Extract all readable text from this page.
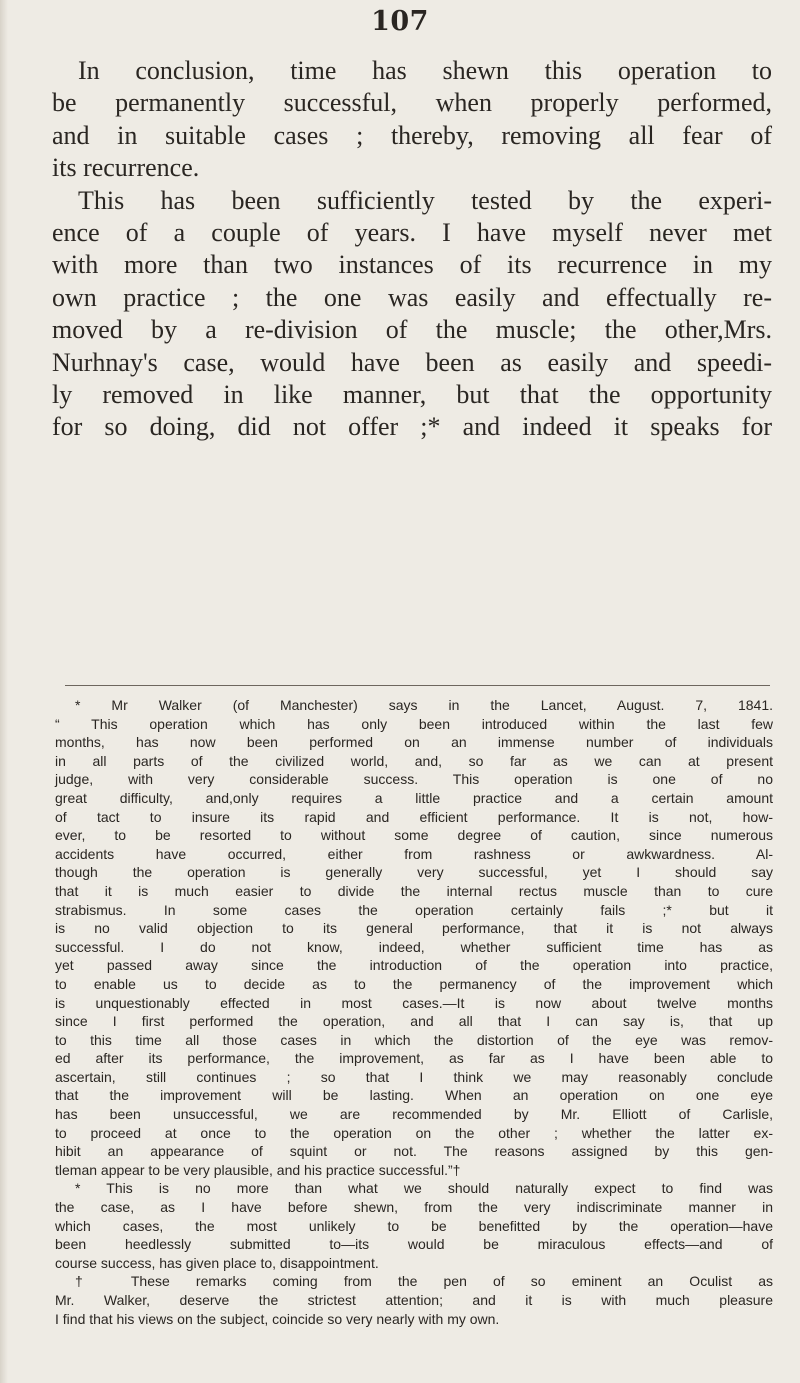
107
In conclusion, time has shewn this operation to
be permanently successful, when properly performed,
and in suitable cases ; thereby, removing all fear of
its recurrence.
This has been sufficiently tested by the experi-
ence of a couple of years. I have myself never met
with more than two instances of its recurrence in my
own practice ; the one was easily and effectually re-
moved by a re-division of the muscle; the other,Mrs.
Nurhnay's case, would have been as easily and speedi-
ly removed in like manner, but that the opportunity
for so doing, did not offer ;* and indeed it speaks for
* Mr Walker (of Manchester) says in the Lancet, August. 7, 1841.
“ This operation which has only been introduced within the last few
months, has now been performed on an immense number of individuals
in all parts of the civilized world, and, so far as we can at present
judge, with very considerable success. This operation is one of no
great difficulty, and,only requires a little practice and a certain amount
of tact to insure its rapid and efficient performance. It is not, how-
ever, to be resorted to without some degree of caution, since numerous
accidents have occurred, either from rashness or awkwardness. Al-
though the operation is generally very successful, yet I should say
that it is much easier to divide the internal rectus muscle than to cure
strabismus. In some cases the operation certainly fails ;* but it
is no valid objection to its general performance, that it is not always
successful. I do not know, indeed, whether sufficient time has as
yet passed away since the introduction of the operation into practice,
to enable us to decide as to the permanency of the improvement which
is unquestionably effected in most cases.—It is now about twelve months
since I first performed the operation, and all that I can say is, that up
to this time all those cases in which the distortion of the eye was remov-
ed after its performance, the improvement, as far as I have been able to
ascertain, still continues ; so that I think we may reasonably conclude
that the improvement will be lasting. When an operation on one eye
has been unsuccessful, we are recommended by Mr. Elliott of Carlisle,
to proceed at once to the operation on the other ; whether the latter ex-
hibit an appearance of squint or not. The reasons assigned by this gen-
tleman appear to be very plausible, and his practice successful.”†
* This is no more than what we should naturally expect to find was
the case, as I have before shewn, from the very indiscriminate manner in
which cases, the most unlikely to be benefitted by the operation—have
been heedlessly submitted to—its would be miraculous effects—and of
course success, has given place to, disappointment.
† These remarks coming from the pen of so eminent an Oculist as
Mr. Walker, deserve the strictest attention; and it is with much pleasure
I find that his views on the subject, coincide so very nearly with my own.
